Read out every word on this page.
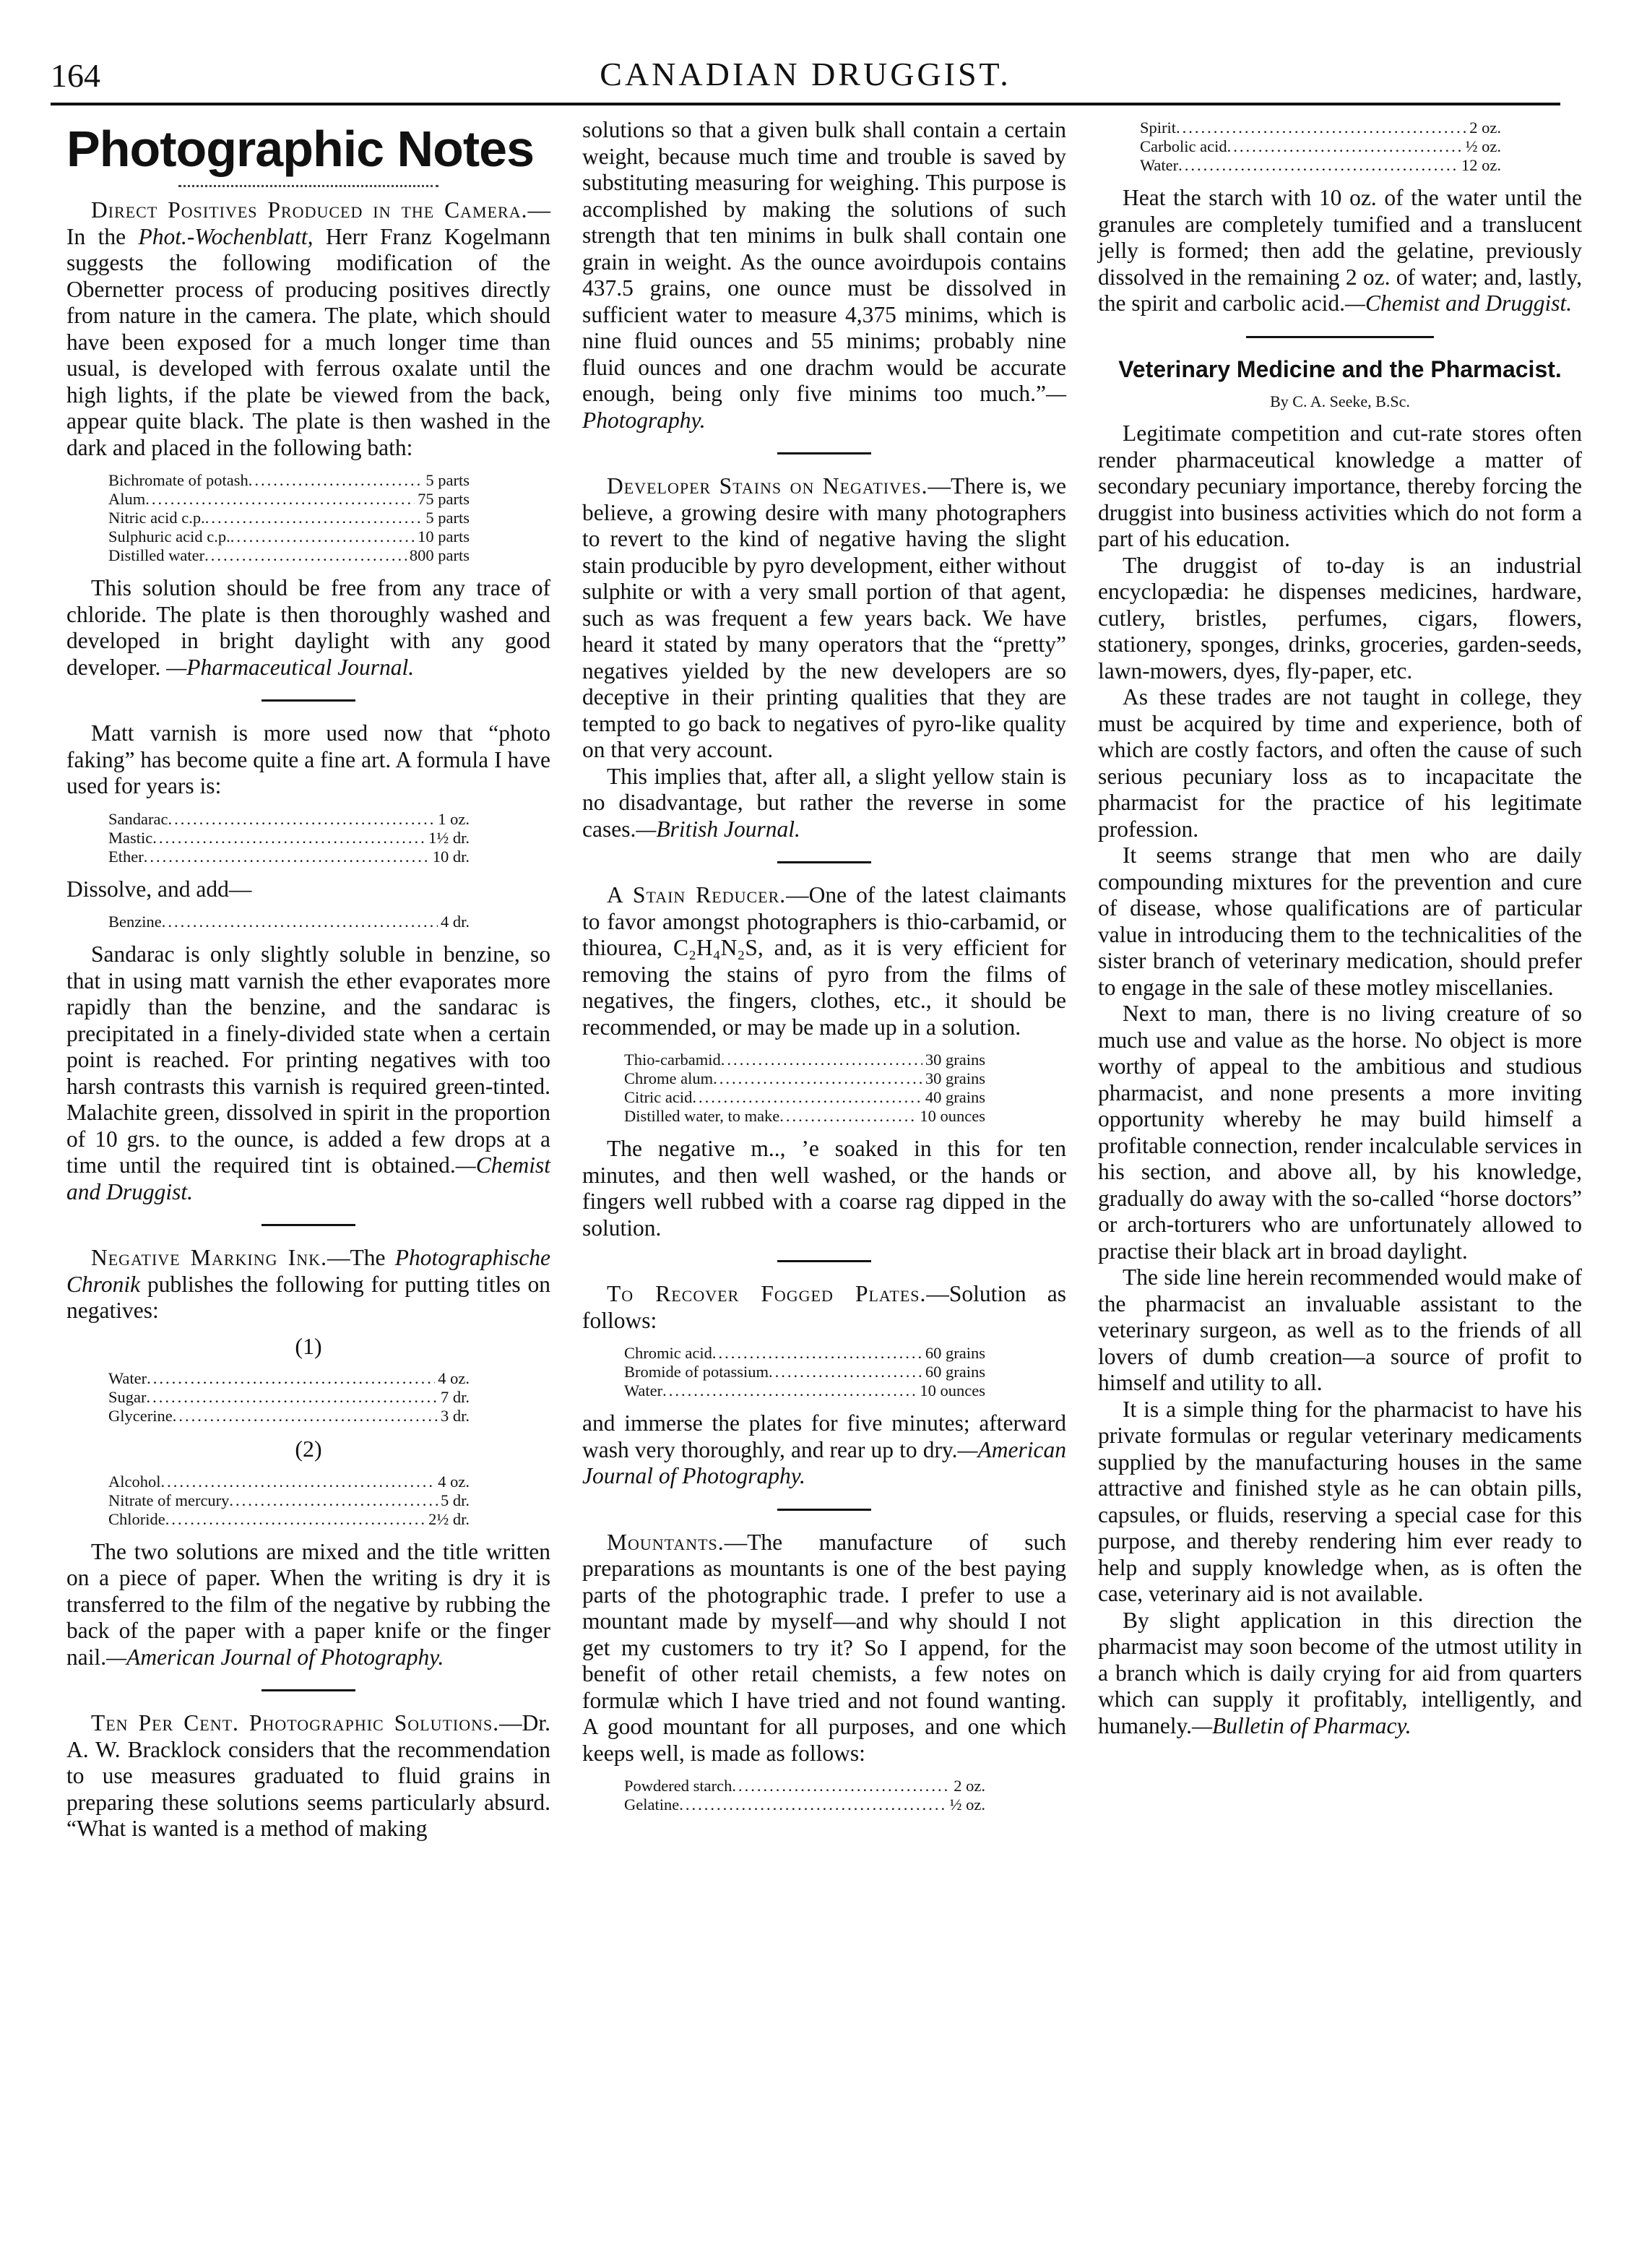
164	CANADIAN DRUGGIST.
Photographic Notes

Direct Positives Produced in the Camera.—In the Phot.-Wochenblatt, Herr Franz Kogelmann suggests the following modification of the Obernetter process of producing positives directly from nature in the camera. The plate, which should have been exposed for a much longer time than usual, is developed with ferrous oxalate until the high lights, if the plate be viewed from the back, appear quite black. The plate is then washed in the dark and placed in the following bath:

Bichromate of potash .....	5 parts
Alum .....	75 parts
Nitric acid c.p. .....	5 parts
Sulphuric acid c.p. .....	10 parts
Distilled water .....	800 parts

This solution should be free from any trace of chloride. The plate is then thoroughly washed and developed in bright daylight with any good developer. —Pharmaceutical Journal.

Matt varnish is more used now that “photo faking” has become quite a fine art. A formula I have used for years is:

Sandarac .....	1 oz.
Mastic .....	1½ dr.
Ether .....	10 dr.

Dissolve, and add—

Benzine .....	4 dr.

Sandarac is only slightly soluble in benzine, so that in using matt varnish the ether evaporates more rapidly than the benzine, and the sandarac is precipitated in a finely-divided state when a certain point is reached. For printing negatives with too harsh contrasts this varnish is required green-tinted. Malachite green, dissolved in spirit in the proportion of 10 grs. to the ounce, is added a few drops at a time until the required tint is obtained.—Chemist and Druggist.

Negative Marking Ink.—The Photographische Chronik publishes the following for putting titles on negatives:

(1)
Water .....	4 oz.
Sugar .....	7 dr.
Glycerine .....	3 dr.
(2)
Alcohol .....	4 oz.
Nitrate of mercury .....	5 dr.
Chloride .....	2½ dr.

The two solutions are mixed and the title written on a piece of paper. When the writing is dry it is transferred to the film of the negative by rubbing the back of the paper with a paper knife or the finger nail.—American Journal of Photography.

Ten Per Cent. Photographic Solutions.—Dr. A. W. Bracklock considers that the recommendation to use measures graduated to fluid grains in preparing these solutions seems particularly absurd. “What is wanted is a method of making

solutions so that a given bulk shall contain a certain weight, because much time and trouble is saved by substituting measuring for weighing. This purpose is accomplished by making the solutions of such strength that ten minims in bulk shall contain one grain in weight. As the ounce avoirdupois contains 437.5 grains, one ounce must be dissolved in sufficient water to measure 4,375 minims, which is nine fluid ounces and 55 minims; probably nine fluid ounces and one drachm would be accurate enough, being only five minims too much.”—Photography.

Developer Stains on Negatives.—There is, we believe, a growing desire with many photographers to revert to the kind of negative having the slight stain producible by pyro development, either without sulphite or with a very small portion of that agent, such as was frequent a few years back. We have heard it stated by many operators that the “pretty” negatives yielded by the new developers are so deceptive in their printing qualities that they are tempted to go back to negatives of pyro-like quality on that very account.

This implies that, after all, a slight yellow stain is no disadvantage, but rather the reverse in some cases.—British Journal.

A Stain Reducer.—One of the latest claimants to favor amongst photographers is thio-carbamid, or thiourea, C₂H₄N₂S, and, as it is very efficient for removing the stains of pyro from the films of negatives, the fingers, clothes, etc., it should be recommended, or may be made up in a solution.

Thio-carbamid .....	30 grains
Chrome alum .....	30 grains
Citric acid .....	40 grains
Distilled water, to make .....	10 ounces

The negative m.., ’e soaked in this for ten minutes, and then well washed, or the hands or fingers well rubbed with a coarse rag dipped in the solution.

To Recover Fogged Plates.—Solution as follows:

Chromic acid .....	60 grains
Bromide of potassium .....	60 grains
Water .....	10 ounces

and immerse the plates for five minutes; afterward wash very thoroughly, and rear up to dry.—American Journal of Photography.

Mountants.—The manufacture of such preparations as mountants is one of the best paying parts of the photographic trade. I prefer to use a mountant made by myself—and why should I not get my customers to try it? So I append, for the benefit of other retail chemists, a few notes on formulæ which I have tried and not found wanting. A good mountant for all purposes, and one which keeps well, is made as follows:

Powdered starch .....	2 oz.
Gelatine .....	½ oz.
Spirit .....	2 oz.
Carbolic acid .....	½ oz.
Water .....	12 oz.

Heat the starch with 10 oz. of the water until the granules are completely tumified and a translucent jelly is formed; then add the gelatine, previously dissolved in the remaining 2 oz. of water; and, lastly, the spirit and carbolic acid.—Chemist and Druggist.

Veterinary Medicine and the Pharmacist.
By C. A. Seeke, B.Sc.

Legitimate competition and cut-rate stores often render pharmaceutical knowledge a matter of secondary pecuniary importance, thereby forcing the druggist into business activities which do not form a part of his education.

The druggist of to-day is an industrial encyclopædia: he dispenses medicines, hardware, cutlery, bristles, perfumes, cigars, flowers, stationery, sponges, drinks, groceries, garden-seeds, lawn-mowers, dyes, fly-paper, etc.

As these trades are not taught in college, they must be acquired by time and experience, both of which are costly factors, and often the cause of such serious pecuniary loss as to incapacitate the pharmacist for the practice of his legitimate profession.

It seems strange that men who are daily compounding mixtures for the prevention and cure of disease, whose qualifications are of particular value in introducing them to the technicalities of the sister branch of veterinary medication, should prefer to engage in the sale of these motley miscellanies.

Next to man, there is no living creature of so much use and value as the horse. No object is more worthy of appeal to the ambitious and studious pharmacist, and none presents a more inviting opportunity whereby he may build himself a profitable connection, render incalculable services in his section, and above all, by his knowledge, gradually do away with the so-called “horse doctors” or arch-torturers who are unfortunately allowed to practise their black art in broad daylight.

The side line herein recommended would make of the pharmacist an invaluable assistant to the veterinary surgeon, as well as to the friends of all lovers of dumb creation—a source of profit to himself and utility to all.

It is a simple thing for the pharmacist to have his private formulas or regular veterinary medicaments supplied by the manufacturing houses in the same attractive and finished style as he can obtain pills, capsules, or fluids, reserving a special case for this purpose, and thereby rendering him ever ready to help and supply knowledge when, as is often the case, veterinary aid is not available.

By slight application in this direction the pharmacist may soon become of the utmost utility in a branch which is daily crying for aid from quarters which can supply it profitably, intelligently, and humanely.—Bulletin of Pharmacy.
